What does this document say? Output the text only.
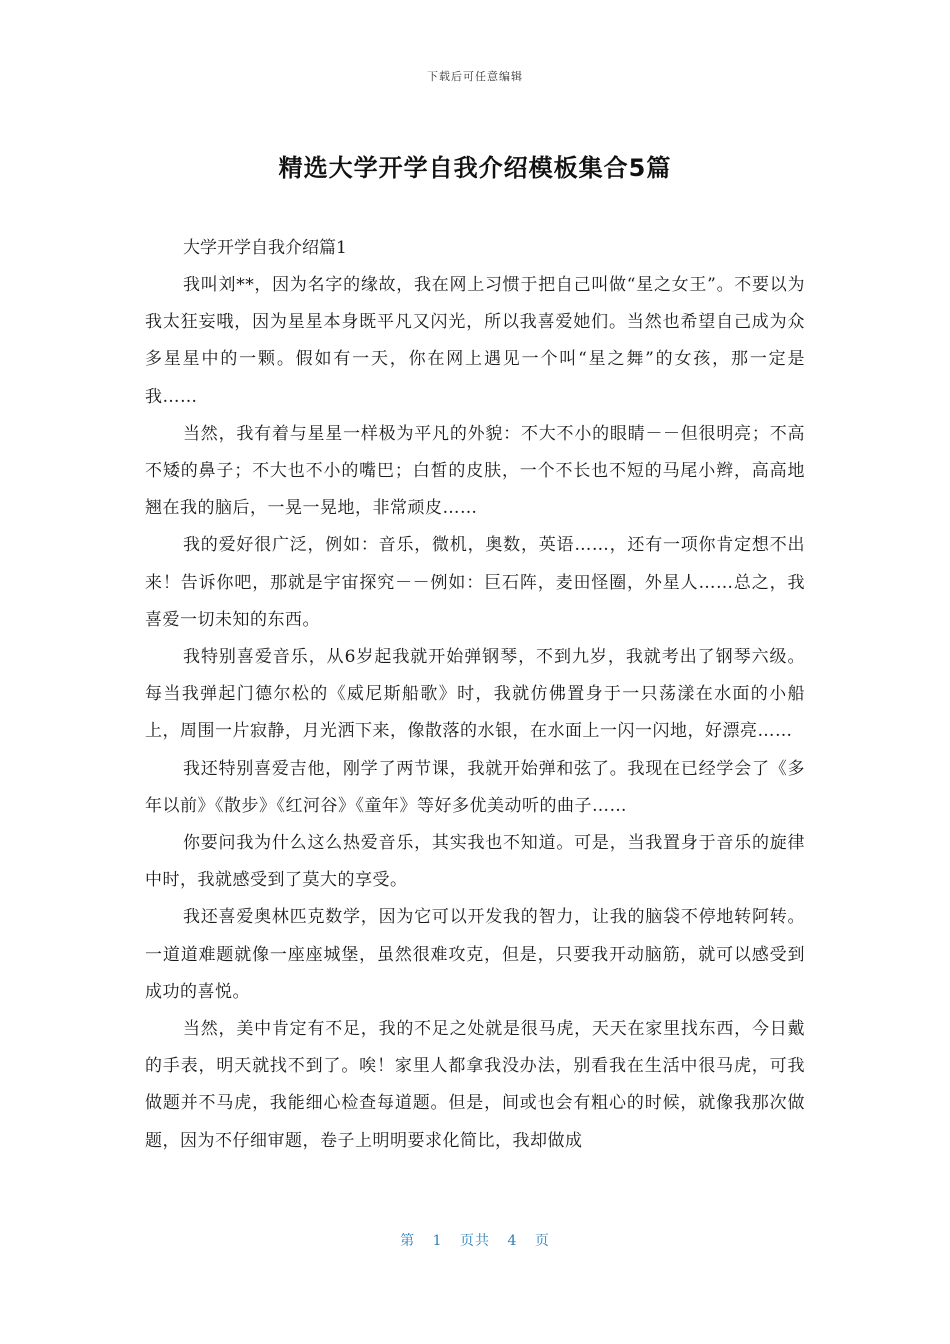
下载后可任意编辑
精选大学开学自我介绍模板集合5篇

大学开学自我介绍篇1

我叫刘**，因为名字的缘故，我在网上习惯于把自己叫做“星之女王”。不要以为我太狂妄哦，因为星星本身既平凡又闪光，所以我喜爱她们。当然也希望自己成为众多星星中的一颗。假如有一天，你在网上遇见一个叫“星之舞”的女孩，那一定是我……

当然，我有着与星星一样极为平凡的外貌：不大不小的眼睛－－但很明亮；不高不矮的鼻子；不大也不小的嘴巴；白皙的皮肤，一个不长也不短的马尾小辫，高高地翘在我的脑后，一晃一晃地，非常顽皮……

我的爱好很广泛，例如：音乐，微机，奥数，英语……，还有一项你肯定想不出来！告诉你吧，那就是宇宙探究－－例如：巨石阵，麦田怪圈，外星人……总之，我喜爱一切未知的东西。

我特别喜爱音乐，从6岁起我就开始弹钢琴，不到九岁，我就考出了钢琴六级。每当我弹起门德尔松的《威尼斯船歌》时，我就仿佛置身于一只荡漾在水面的小船上，周围一片寂静，月光洒下来，像散落的水银，在水面上一闪一闪地，好漂亮……

我还特别喜爱吉他，刚学了两节课，我就开始弹和弦了。我现在已经学会了《多年以前》《散步》《红河谷》《童年》等好多优美动听的曲子……

你要问我为什么这么热爱音乐，其实我也不知道。可是，当我置身于音乐的旋律中时，我就感受到了莫大的享受。

我还喜爱奥林匹克数学，因为它可以开发我的智力，让我的脑袋不停地转阿转。一道道难题就像一座座城堡，虽然很难攻克，但是，只要我开动脑筋，就可以感受到成功的喜悦。

当然，美中肯定有不足，我的不足之处就是很马虎，天天在家里找东西，今日戴的手表，明天就找不到了。唉！家里人都拿我没办法，别看我在生活中很马虎，可我做题并不马虎，我能细心检查每道题。但是，间或也会有粗心的时候，就像我那次做题，因为不仔细审题，卷子上明明要求化简比，我却做成

第 1 页共 4 页
